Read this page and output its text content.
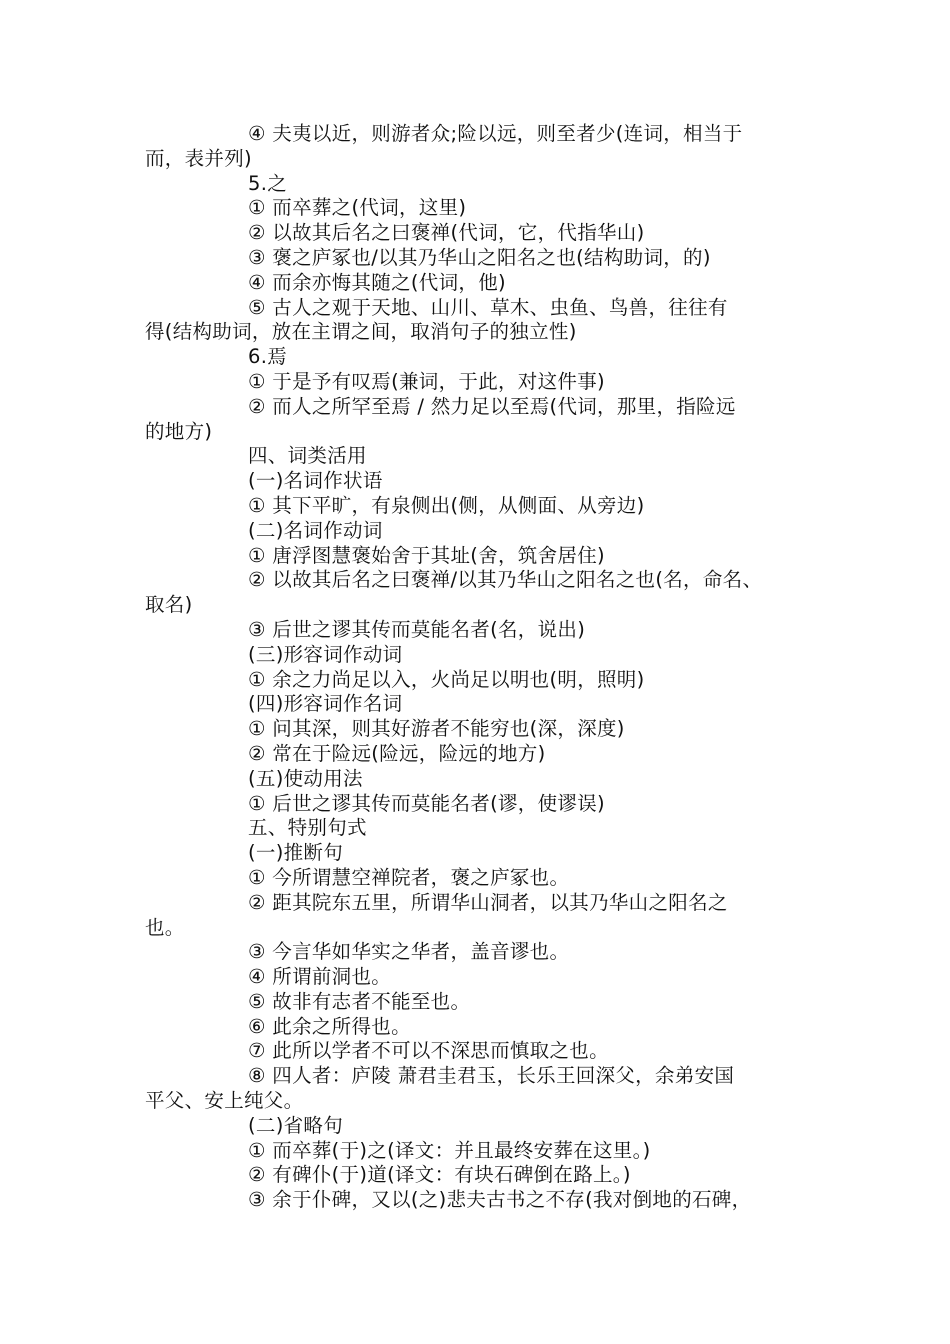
④ 夫夷以近，则游者众;险以远，则至者少(连词，相当于
而，表并列)
5.之
① 而卒葬之(代词，这里)
② 以故其后名之曰褒禅(代词，它，代指华山)
③ 褒之庐冢也/以其乃华山之阳名之也(结构助词，的)
④ 而余亦悔其随之(代词，他)
⑤ 古人之观于天地、山川、草木、虫鱼、鸟兽，往往有
得(结构助词，放在主谓之间，取消句子的独立性)
6.焉
① 于是予有叹焉(兼词，于此，对这件事)
② 而人之所罕至焉 / 然力足以至焉(代词，那里，指险远
的地方)
四、词类活用
(一)名词作状语
① 其下平旷，有泉侧出(侧，从侧面、从旁边)
(二)名词作动词
① 唐浮图慧褒始舍于其址(舍，筑舍居住)
② 以故其后名之曰褒禅/以其乃华山之阳名之也(名，命名、
取名)
③ 后世之谬其传而莫能名者(名，说出)
(三)形容词作动词
① 余之力尚足以入，火尚足以明也(明，照明)
(四)形容词作名词
① 问其深，则其好游者不能穷也(深，深度)
② 常在于险远(险远，险远的地方)
(五)使动用法
① 后世之谬其传而莫能名者(谬，使谬误)
五、特别句式
(一)推断句
① 今所谓慧空禅院者，褒之庐冢也。
② 距其院东五里，所谓华山洞者，以其乃华山之阳名之
也。
③ 今言华如华实之华者，盖音谬也。
④ 所谓前洞也。
⑤ 故非有志者不能至也。
⑥ 此余之所得也。
⑦ 此所以学者不可以不深思而慎取之也。
⑧ 四人者：庐陵 萧君圭君玉，长乐王回深父，余弟安国
平父、安上纯父。
(二)省略句
① 而卒葬(于)之(译文：并且最终安葬在这里。)
② 有碑仆(于)道(译文：有块石碑倒在路上。)
③ 余于仆碑，又以(之)悲夫古书之不存(我对倒地的石碑，
